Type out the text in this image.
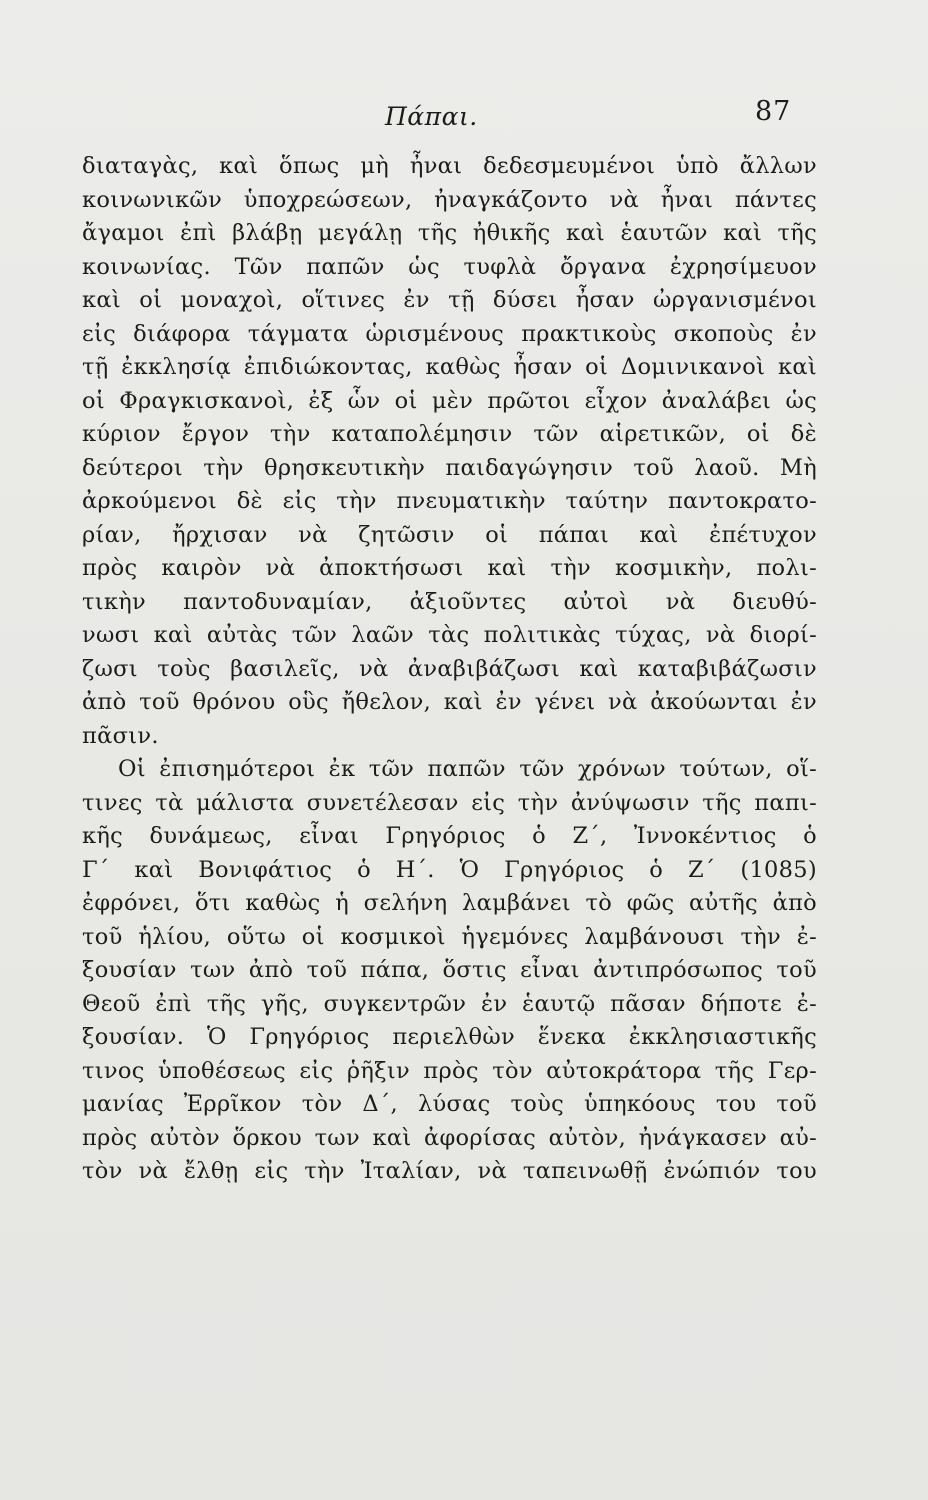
Πάπαι.	87
διαταγὰς, καὶ ὅπως μὴ ἦναι δεδεσμευμένοι ὑπὸ ἄλλων
κοινωνικῶν ὑποχρεώσεων, ἠναγκάζοντο νὰ ἦναι πάντες
ἄγαμοι ἐπὶ βλάβῃ μεγάλῃ τῆς ἠθικῆς καὶ ἑαυτῶν καὶ τῆς
κοινωνίας. Τῶν παπῶν ὡς τυφλὰ ὄργανα ἐχρησίμευον
καὶ οἱ μοναχοὶ, οἵτινες ἐν τῇ δύσει ἦσαν ὠργανισμένοι
εἰς διάφορα τάγματα ὡρισμένους πρακτικοὺς σκοποὺς ἐν
τῇ ἐκκλησίᾳ ἐπιδιώκοντας, καθὼς ἦσαν οἱ Δομινικανοὶ καὶ
οἱ Φραγκισκανοὶ, ἐξ ὧν οἱ μὲν πρῶτοι εἶχον ἀναλάβει ὡς
κύριον ἔργον τὴν καταπολέμησιν τῶν αἱρετικῶν, οἱ δὲ
δεύτεροι τὴν θρησκευτικὴν παιδαγώγησιν τοῦ λαοῦ. Μὴ
ἀρκούμενοι δὲ εἰς τὴν πνευματικὴν ταύτην παντοκρατο-
ρίαν, ἤρχισαν νὰ ζητῶσιν οἱ πάπαι καὶ ἐπέτυχον
πρὸς καιρὸν νὰ ἀποκτήσωσι καὶ τὴν κοσμικὴν, πολι-
τικὴν παντοδυναμίαν, ἀξιοῦντες αὐτοὶ νὰ διευθύ-
νωσι καὶ αὐτὰς τῶν λαῶν τὰς πολιτικὰς τύχας, νὰ διορί-
ζωσι τοὺς βασιλεῖς, νὰ ἀναβιβάζωσι καὶ καταβιβάζωσιν
ἀπὸ τοῦ θρόνου οὓς ἤθελον, καὶ ἐν γένει νὰ ἀκούωνται ἐν
πᾶσιν.
Οἱ ἐπισημότεροι ἐκ τῶν παπῶν τῶν χρόνων τούτων, οἵ-
τινες τὰ μάλιστα συνετέλεσαν εἰς τὴν ἀνύψωσιν τῆς παπι-
κῆς δυνάμεως, εἶναι Γρηγόριος ὁ Ζ΄, Ἰννοκέντιος ὁ
Γ΄ καὶ Βονιφάτιος ὁ Η΄. Ὁ Γρηγόριος ὁ Ζ΄ (1085)
ἐφρόνει, ὅτι καθὼς ἡ σελήνη λαμβάνει τὸ φῶς αὐτῆς ἀπὸ
τοῦ ἡλίου, οὕτω οἱ κοσμικοὶ ἡγεμόνες λαμβάνουσι τὴν ἐ-
ξουσίαν των ἀπὸ τοῦ πάπα, ὅστις εἶναι ἀντιπρόσωπος τοῦ
Θεοῦ ἐπὶ τῆς γῆς, συγκεντρῶν ἐν ἑαυτῷ πᾶσαν δήποτε ἐ-
ξουσίαν. Ὁ Γρηγόριος περιελθὼν ἕνεκα ἐκκλησιαστικῆς
τινος ὑποθέσεως εἰς ῥῆξιν πρὸς τὸν αὐτοκράτορα τῆς Γερ-
μανίας Ἐρρῖκον τὸν Δ΄, λύσας τοὺς ὑπηκόους του τοῦ
πρὸς αὐτὸν ὅρκου των καὶ ἀφορίσας αὐτὸν, ἠνάγκασεν αὐ-
τὸν νὰ ἔλθῃ εἰς τὴν Ἰταλίαν, νὰ ταπεινωθῇ ἐνώπιόν του
